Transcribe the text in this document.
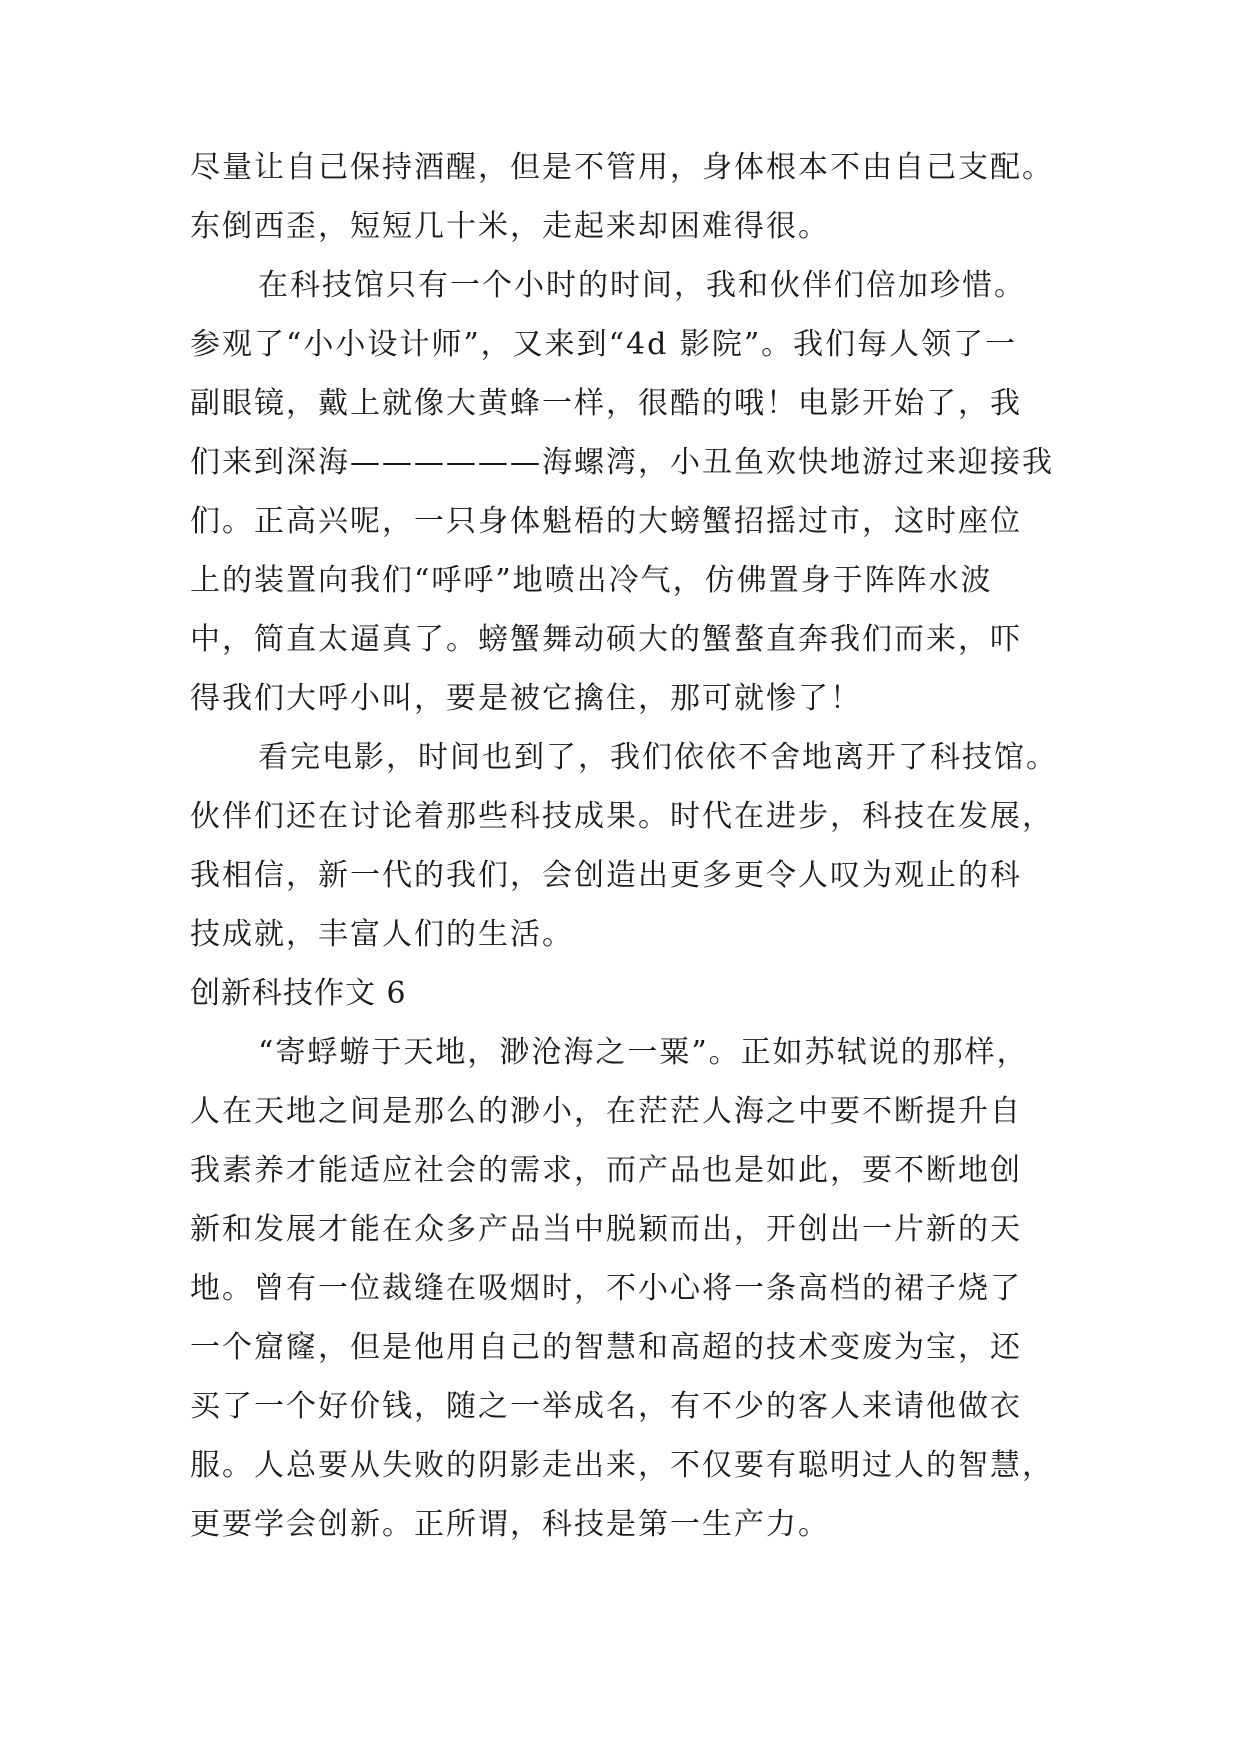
尽量让自己保持酒醒，但是不管用，身体根本不由自己支配。
东倒西歪，短短几十米，走起来却困难得很。
在科技馆只有一个小时的时间，我和伙伴们倍加珍惜。
参观了“小小设计师”，又来到“4d 影院”。我们每人领了一
副眼镜，戴上就像大黄蜂一样，很酷的哦！电影开始了，我
们来到深海——————海螺湾，小丑鱼欢快地游过来迎接我
们。正高兴呢，一只身体魁梧的大螃蟹招摇过市，这时座位
上的装置向我们“呼呼”地喷出冷气，仿佛置身于阵阵水波
中，简直太逼真了。螃蟹舞动硕大的蟹螯直奔我们而来，吓
得我们大呼小叫，要是被它擒住，那可就惨了！
看完电影，时间也到了，我们依依不舍地离开了科技馆。
伙伴们还在讨论着那些科技成果。时代在进步，科技在发展，
我相信，新一代的我们，会创造出更多更令人叹为观止的科
技成就，丰富人们的生活。
创新科技作文 6
“寄蜉蝣于天地，渺沧海之一粟”。正如苏轼说的那样，
人在天地之间是那么的渺小，在茫茫人海之中要不断提升自
我素养才能适应社会的需求，而产品也是如此，要不断地创
新和发展才能在众多产品当中脱颖而出，开创出一片新的天
地。曾有一位裁缝在吸烟时，不小心将一条高档的裙子烧了
一个窟窿，但是他用自己的智慧和高超的技术变废为宝，还
买了一个好价钱，随之一举成名，有不少的客人来请他做衣
服。人总要从失败的阴影走出来，不仅要有聪明过人的智慧，
更要学会创新。正所谓，科技是第一生产力。
